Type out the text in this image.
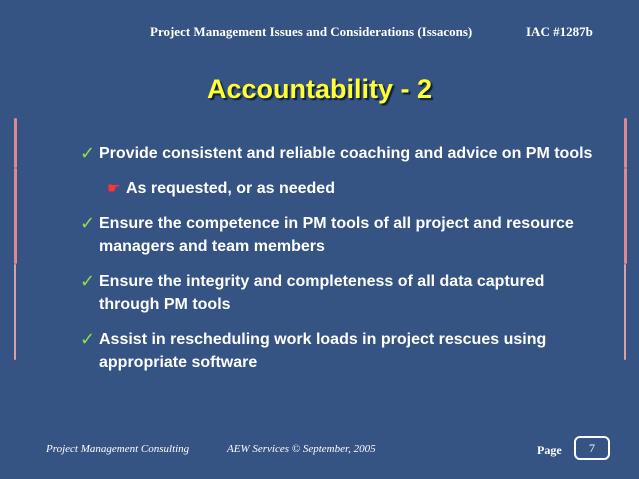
Project Management Issues and Considerations (Issacons)	IAC #1287b
Accountability - 2
✓ Provide consistent and reliable coaching and advice on PM tools
☛ As requested, or as needed
✓ Ensure the competence in PM tools of all project and resource managers and team members
✓ Ensure the integrity and completeness of all data captured through PM tools
✓ Assist in rescheduling work loads in project rescues using appropriate software
Project Management Consulting	AEW Services © September, 2005	Page	7
